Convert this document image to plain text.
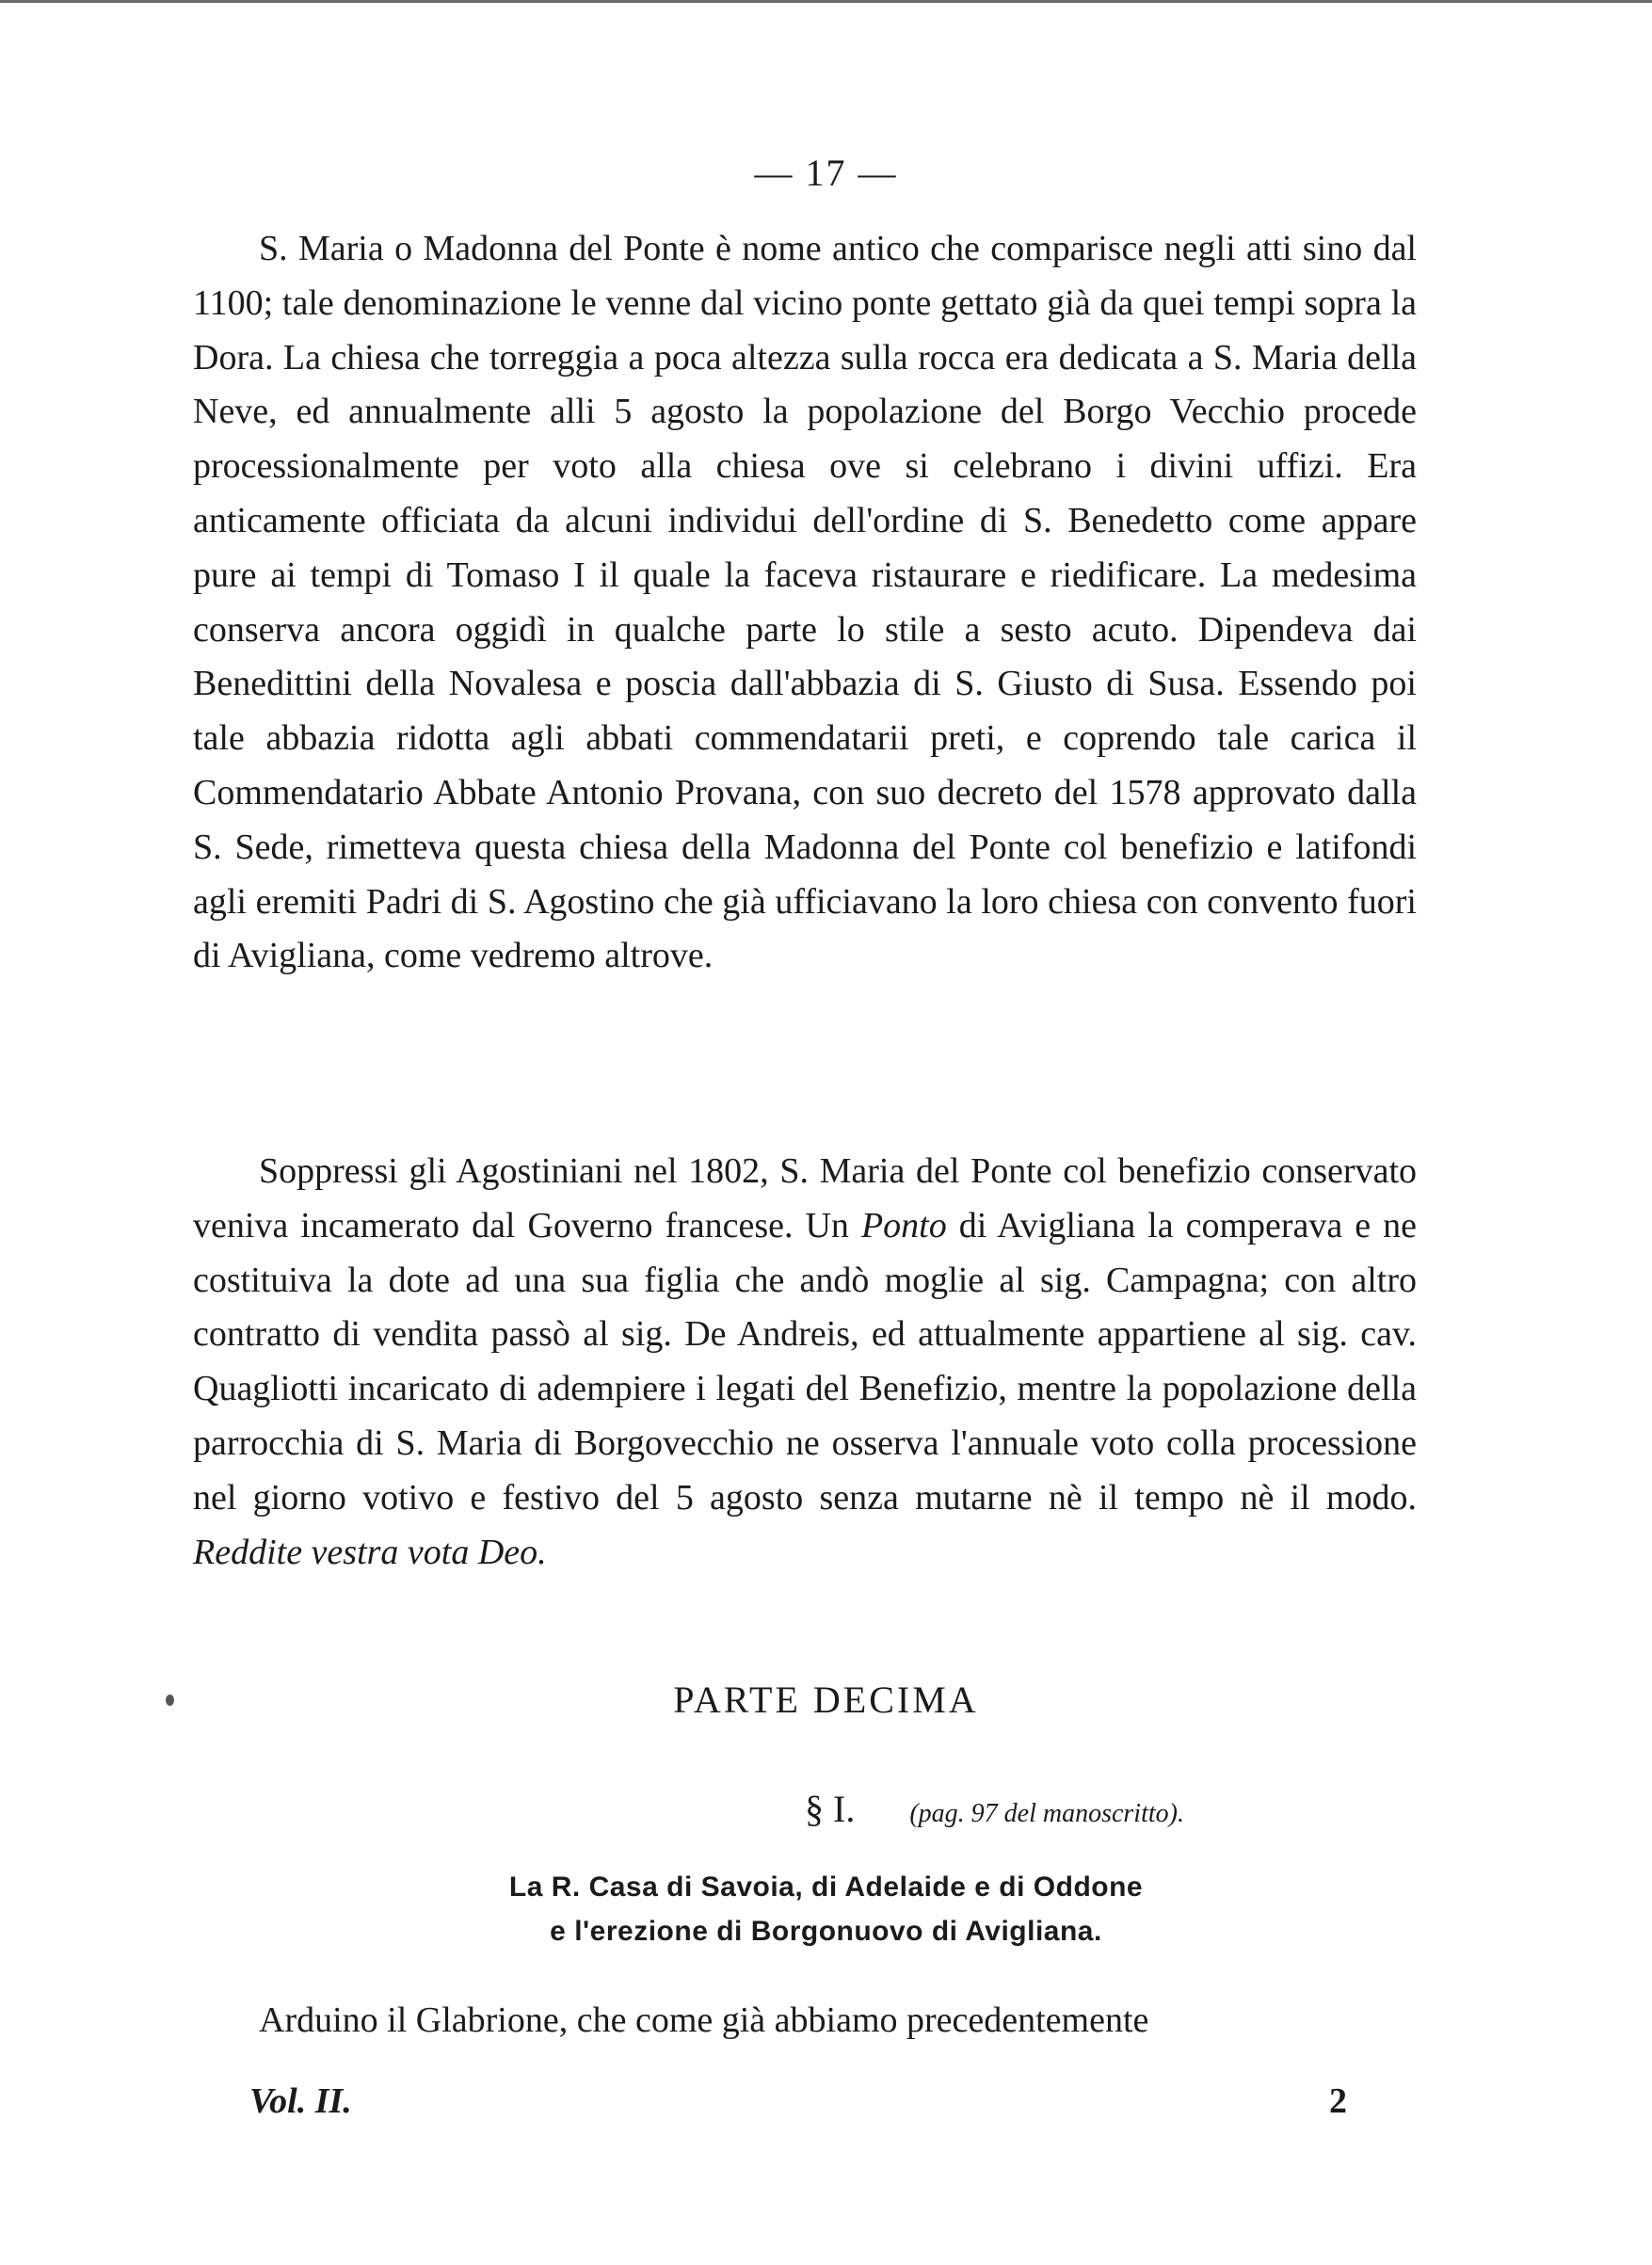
— 17 —

S. Maria o Madonna del Ponte è nome antico che comparisce negli atti sino dal 1100; tale denominazione le venne dal vicino ponte gettato già da quei tempi sopra la Dora. La chiesa che torreggia a poca altezza sulla rocca era dedicata a S. Maria della Neve, ed annualmente alli 5 agosto la popolazione del Borgo Vecchio procede processionalmente per voto alla chiesa ove si celebrano i divini uffizi. Era anticamente officiata da alcuni individui dell'ordine di S. Benedetto come appare pure ai tempi di Tomaso I il quale la faceva ristaurare e riedificare. La medesima conserva ancora oggidì in qualche parte lo stile a sesto acuto. Dipendeva dai Benedittini della Novalesa e poscia dall'abbazia di S. Giusto di Susa. Essendo poi tale abbazia ridotta agli abbati commendatarii preti, e coprendo tale carica il Commendatario Abbate Antonio Provana, con suo decreto del 1578 approvato dalla S. Sede, rimetteva questa chiesa della Madonna del Ponte col benefizio e latifondi agli eremiti Padri di S. Agostino che già ufficiavano la loro chiesa con convento fuori di Avigliana, come vedremo altrove.

Soppressi gli Agostiniani nel 1802, S. Maria del Ponte col benefizio conservato veniva incamerato dal Governo francese. Un Ponto di Avigliana la comperava e ne costituiva la dote ad una sua figlia che andò moglie al sig. Campagna; con altro contratto di vendita passò al sig. De Andreis, ed attualmente appartiene al sig. cav. Quagliotti incaricato di adempiere i legati del Benefizio, mentre la popolazione della parrocchia di S. Maria di Borgovecchio ne osserva l'annuale voto colla processione nel giorno votivo e festivo del 5 agosto senza mutarne nè il tempo nè il modo. Reddite vestra vota Deo.

PARTE DECIMA
§ I. (pag. 97 del manoscritto).
La R. Casa di Savoia, di Adelaide e di Oddone
e l'erezione di Borgonuovo di Avigliana.

Arduino il Glabrione, che come già abbiamo precedentemente

Vol. II.	2
